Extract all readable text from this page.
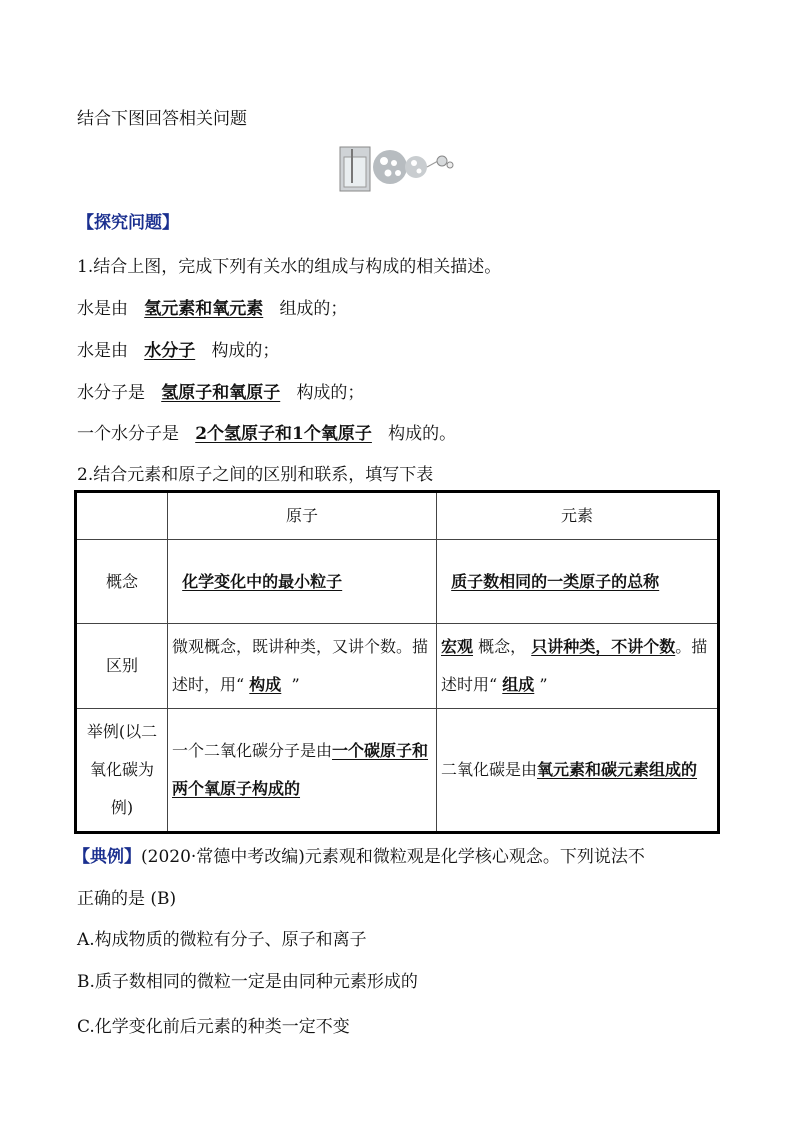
结合下图回答相关问题
【探究问题】
1.结合上图，完成下列有关水的组成与构成的相关描述。
水是由 氢元素和氧元素 组成的；
水是由 水分子 构成的；
水分子是 氢原子和氧原子 构成的；
一个水分子是 2个氢原子和1个氧原子 构成的。
2.结合元素和原子之间的区别和联系，填写下表
	原子	元素
概念	化学变化中的最小粒子	质子数相同的一类原子的总称
区别	微观概念，既讲种类，又讲个数。描述时，用“ 构成 ”	宏观 概念， 只讲种类，不讲个数。描述时用“ 组成 ”
举例(以二氧化碳为例)	一个二氧化碳分子是由一个碳原子和两个氧原子构成的	二氧化碳是由氧元素和碳元素组成的
【典例】(2020·常德中考改编)元素观和微粒观是化学核心观念。下列说法不
正确的是 (B)
A.构成物质的微粒有分子、原子和离子
B.质子数相同的微粒一定是由同种元素形成的
C.化学变化前后元素的种类一定不变
